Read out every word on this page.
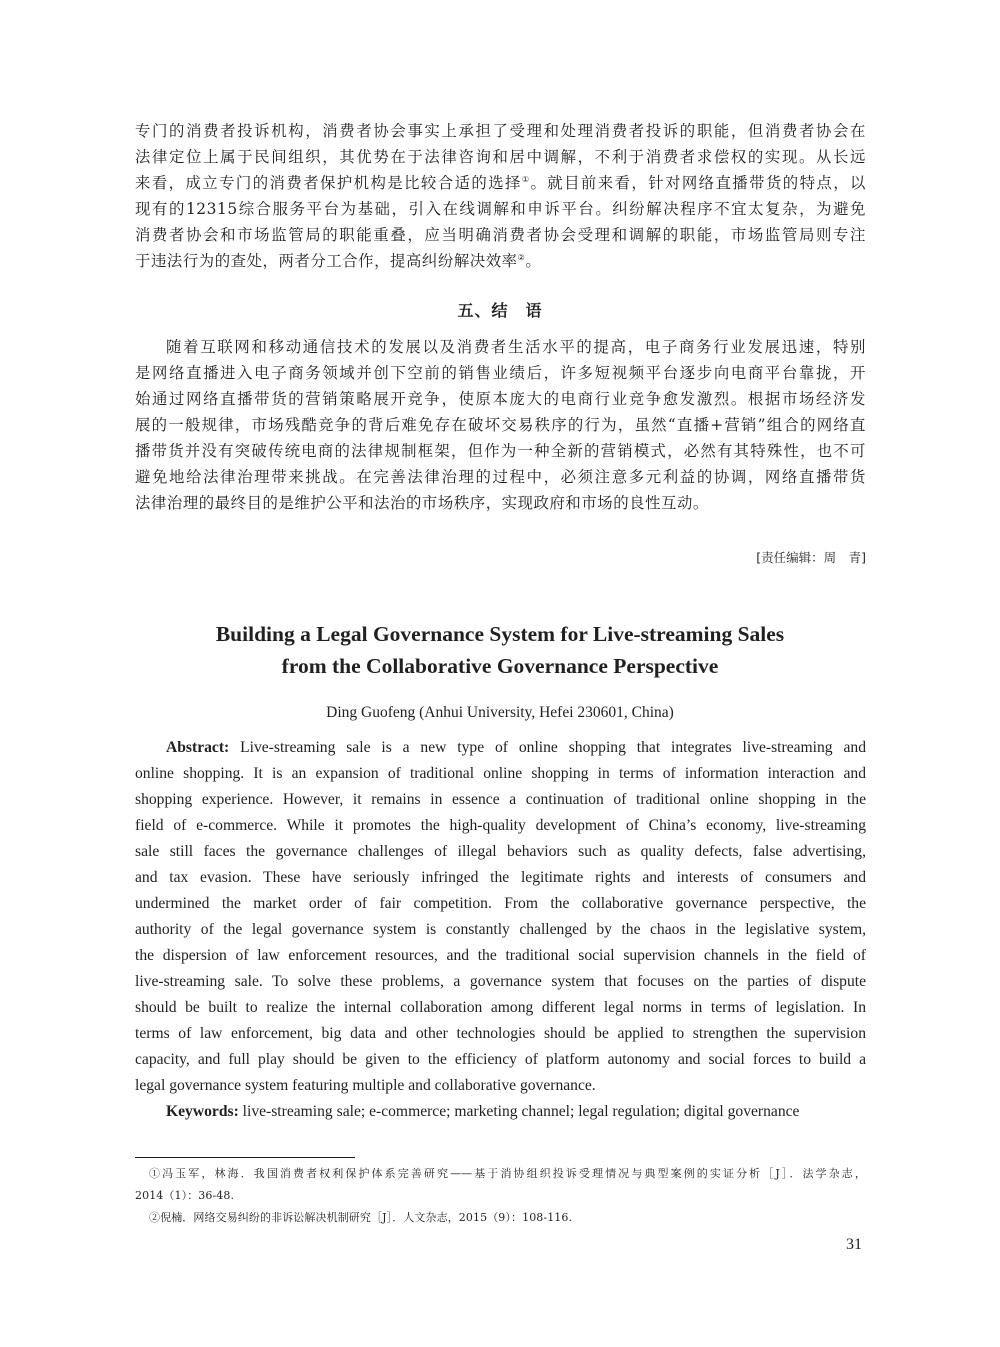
专门的消费者投诉机构，消费者协会事实上承担了受理和处理消费者投诉的职能，但消费者协会在
法律定位上属于民间组织，其优势在于法律咨询和居中调解，不利于消费者求偿权的实现。从长远
来看，成立专门的消费者保护机构是比较合适的选择①。就目前来看，针对网络直播带货的特点，以
现有的12315综合服务平台为基础，引入在线调解和申诉平台。纠纷解决程序不宜太复杂，为避免
消费者协会和市场监管局的职能重叠，应当明确消费者协会受理和调解的职能，市场监管局则专注
于违法行为的查处，两者分工合作，提高纠纷解决效率②。
五、结　语
随着互联网和移动通信技术的发展以及消费者生活水平的提高，电子商务行业发展迅速，特别
是网络直播进入电子商务领域并创下空前的销售业绩后，许多短视频平台逐步向电商平台靠拢，开
始通过网络直播带货的营销策略展开竞争，使原本庞大的电商行业竞争愈发激烈。根据市场经济发
展的一般规律，市场残酷竞争的背后难免存在破坏交易秩序的行为，虽然“直播+营销”组合的网络直
播带货并没有突破传统电商的法律规制框架，但作为一种全新的营销模式，必然有其特殊性，也不可
避免地给法律治理带来挑战。在完善法律治理的过程中，必须注意多元利益的协调，网络直播带货
法律治理的最终目的是维护公平和法治的市场秩序，实现政府和市场的良性互动。
[责任编辑：周　青]
Building a Legal Governance System for Live-streaming Sales
from the Collaborative Governance Perspective
Ding Guofeng (Anhui University, Hefei 230601, China)
Abstract: Live-streaming sale is a new type of online shopping that integrates live-streaming and
online shopping. It is an expansion of traditional online shopping in terms of information interaction and
shopping experience. However, it remains in essence a continuation of traditional online shopping in the
field of e-commerce. While it promotes the high-quality development of China’s economy, live-streaming
sale still faces the governance challenges of illegal behaviors such as quality defects, false advertising,
and tax evasion. These have seriously infringed the legitimate rights and interests of consumers and
undermined the market order of fair competition. From the collaborative governance perspective, the
authority of the legal governance system is constantly challenged by the chaos in the legislative system,
the dispersion of law enforcement resources, and the traditional social supervision channels in the field of
live-streaming sale. To solve these problems, a governance system that focuses on the parties of dispute
should be built to realize the internal collaboration among different legal norms in terms of legislation. In
terms of law enforcement, big data and other technologies should be applied to strengthen the supervision
capacity, and full play should be given to the efficiency of platform autonomy and social forces to build a
legal governance system featuring multiple and collaborative governance.
Keywords: live-streaming sale; e-commerce; marketing channel; legal regulation; digital governance
①冯玉军，林海．我国消费者权利保护体系完善研究——基于消协组织投诉受理情况与典型案例的实证分析［J］．法学杂志，
2014（1）：36-48.
②倪楠．网络交易纠纷的非诉讼解决机制研究［J］．人文杂志，2015（9）：108-116.
31
